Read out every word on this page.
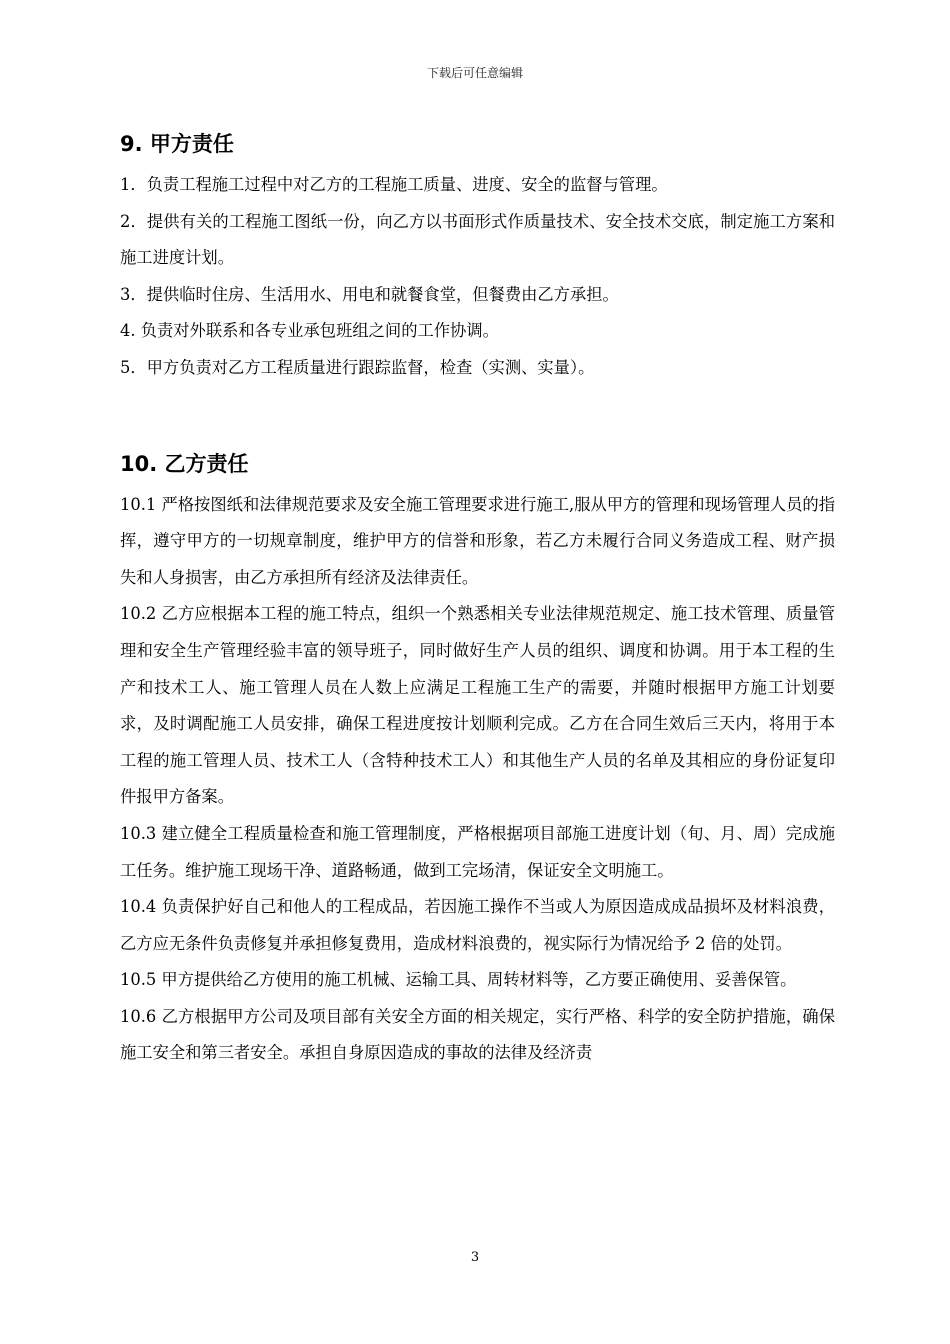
下载后可任意编辑
9. 甲方责任

1．负责工程施工过程中对乙方的工程施工质量、进度、安全的监督与管理。

2．提供有关的工程施工图纸一份，向乙方以书面形式作质量技术、安全技术交底，制定施工方案和施工进度计划。

3．提供临时住房、生活用水、用电和就餐食堂，但餐费由乙方承担。

4. 负责对外联系和各专业承包班组之间的工作协调。

5．甲方负责对乙方工程质量进行跟踪监督，检查（实测、实量）。

10. 乙方责任

10.1 严格按图纸和法律规范要求及安全施工管理要求进行施工,服从甲方的管理和现场管理人员的指挥，遵守甲方的一切规章制度，维护甲方的信誉和形象，若乙方未履行合同义务造成工程、财产损失和人身损害，由乙方承担所有经济及法律责任。

10.2 乙方应根据本工程的施工特点，组织一个熟悉相关专业法律规范规定、施工技术管理、质量管理和安全生产管理经验丰富的领导班子，同时做好生产人员的组织、调度和协调。用于本工程的生产和技术工人、施工管理人员在人数上应满足工程施工生产的需要，并随时根据甲方施工计划要求，及时调配施工人员安排，确保工程进度按计划顺利完成。乙方在合同生效后三天内，将用于本工程的施工管理人员、技术工人（含特种技术工人）和其他生产人员的名单及其相应的身份证复印件报甲方备案。

10.3 建立健全工程质量检查和施工管理制度，严格根据项目部施工进度计划（旬、月、周）完成施工任务。维护施工现场干净、道路畅通，做到工完场清，保证安全文明施工。

10.4 负责保护好自己和他人的工程成品，若因施工操作不当或人为原因造成成品损坏及材料浪费，乙方应无条件负责修复并承担修复费用，造成材料浪费的，视实际行为情况给予 2 倍的处罚。

10.5 甲方提供给乙方使用的施工机械、运输工具、周转材料等，乙方要正确使用、妥善保管。

10.6 乙方根据甲方公司及项目部有关安全方面的相关规定，实行严格、科学的安全防护措施，确保施工安全和第三者安全。承担自身原因造成的事故的法律及经济责

3
